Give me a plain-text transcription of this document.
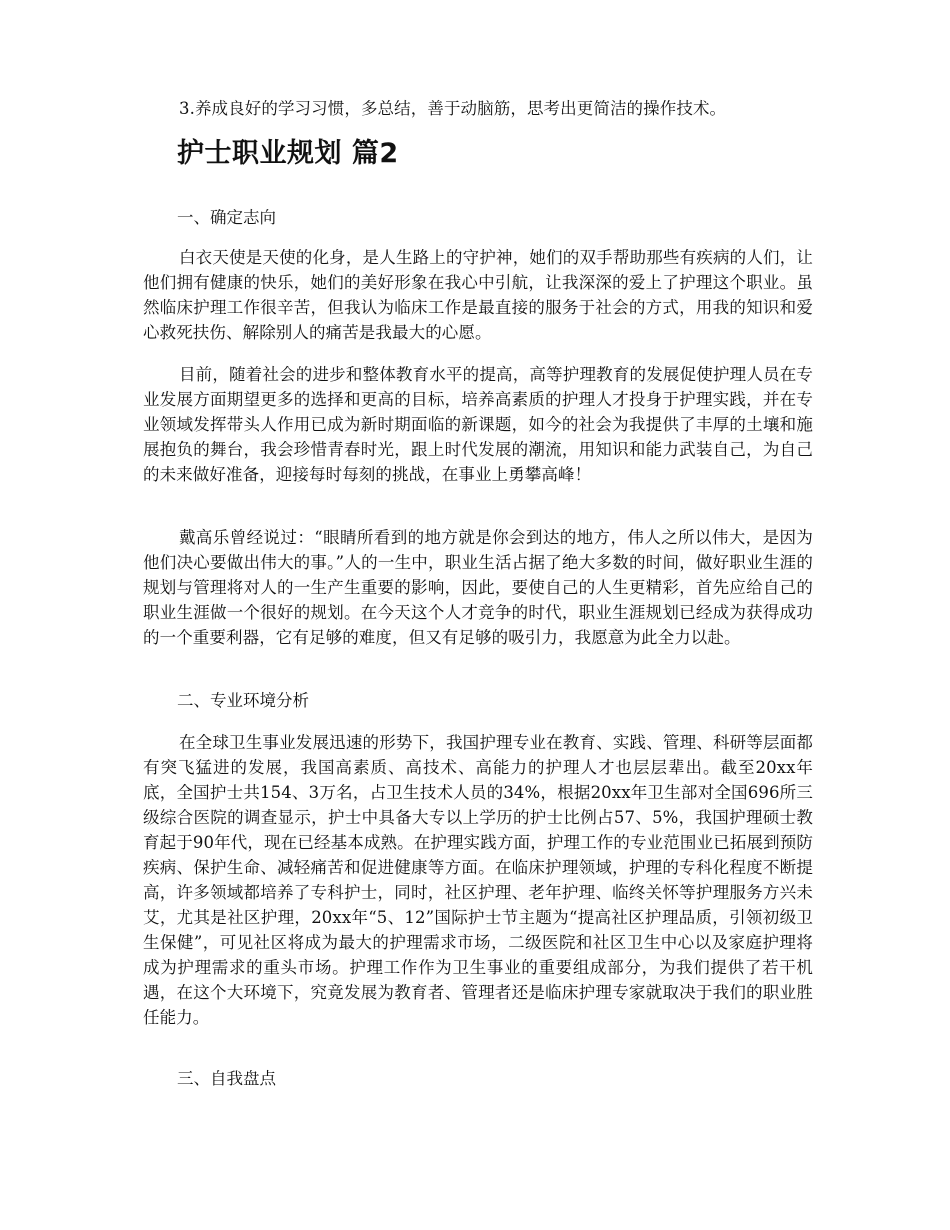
3.养成良好的学习习惯，多总结，善于动脑筋，思考出更简洁的操作技术。

护士职业规划 篇2

一、确定志向

白衣天使是天使的化身，是人生路上的守护神，她们的双手帮助那些有疾病的人们，让他们拥有健康的快乐，她们的美好形象在我心中引航，让我深深的爱上了护理这个职业。虽然临床护理工作很辛苦，但我认为临床工作是最直接的服务于社会的方式，用我的知识和爱心救死扶伤、解除别人的痛苦是我最大的心愿。

目前，随着社会的进步和整体教育水平的提高，高等护理教育的发展促使护理人员在专业发展方面期望更多的选择和更高的目标，培养高素质的护理人才投身于护理实践，并在专业领域发挥带头人作用已成为新时期面临的新课题，如今的社会为我提供了丰厚的土壤和施展抱负的舞台，我会珍惜青春时光，跟上时代发展的潮流，用知识和能力武装自己，为自己的未来做好准备，迎接每时每刻的挑战，在事业上勇攀高峰！

戴高乐曾经说过：“眼睛所看到的地方就是你会到达的地方，伟人之所以伟大，是因为他们决心要做出伟大的事。”人的一生中，职业生活占据了绝大多数的时间，做好职业生涯的规划与管理将对人的一生产生重要的影响，因此，要使自己的人生更精彩，首先应给自己的职业生涯做一个很好的规划。在今天这个人才竞争的时代，职业生涯规划已经成为获得成功的一个重要利器，它有足够的难度，但又有足够的吸引力，我愿意为此全力以赴。

二、专业环境分析

在全球卫生事业发展迅速的形势下，我国护理专业在教育、实践、管理、科研等层面都有突飞猛进的发展，我国高素质、高技术、高能力的护理人才也层层辈出。截至20xx年底，全国护士共154、3万名，占卫生技术人员的34%，根据20xx年卫生部对全国696所三级综合医院的调查显示，护士中具备大专以上学历的护士比例占57、5%，我国护理硕士教育起于90年代，现在已经基本成熟。在护理实践方面，护理工作的专业范围业已拓展到预防疾病、保护生命、减轻痛苦和促进健康等方面。在临床护理领域，护理的专科化程度不断提高，许多领域都培养了专科护士，同时，社区护理、老年护理、临终关怀等护理服务方兴未艾，尤其是社区护理，20xx年“5、12”国际护士节主题为“提高社区护理品质，引领初级卫生保健”，可见社区将成为最大的护理需求市场，二级医院和社区卫生中心以及家庭护理将成为护理需求的重头市场。护理工作作为卫生事业的重要组成部分，为我们提供了若干机遇，在这个大环境下，究竟发展为教育者、管理者还是临床护理专家就取决于我们的职业胜任能力。

三、自我盘点
